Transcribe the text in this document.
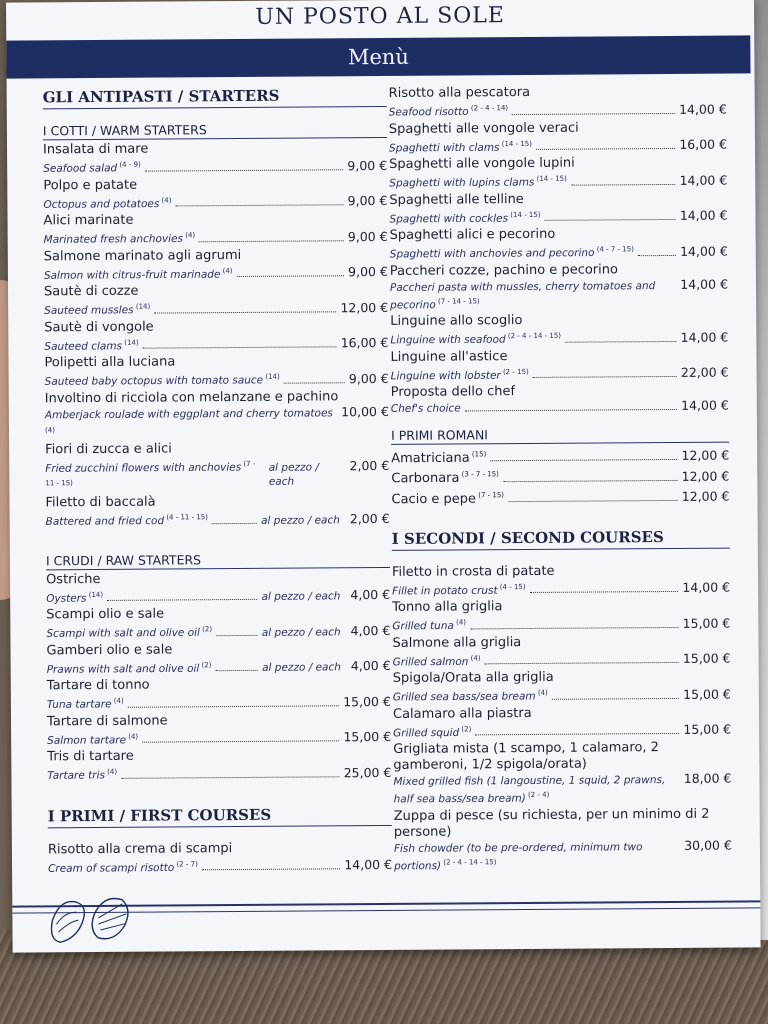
UN POSTO AL SOLE
Menù
GLI ANTIPASTI / STARTERS
I COTTI / WARM STARTERS
Insalata di mare
Seafood salad $^{(4 - 9)}$	9,00 €
Polpo e patate
Octopus and potatoes $^{(4)}$	9,00 €
Alici marinate
Marinated fresh anchovies $^{(4)}$	9,00 €
Salmone marinato agli agrumi
Salmon with citrus-fruit marinade $^{(4)}$	9,00 €
Sautè di cozze
Sauteed mussles $^{(14)}$	12,00 €
Sautè di vongole
Sauteed clams $^{(14)}$	16,00 €
Polipetti alla luciana
Sauteed baby octopus with tomato sauce $^{(14)}$	9,00 €
Involtino di ricciola con melanzane e pachino
Amberjack roulade with eggplant and cherry tomatoes $^{(4)}$
10,00 €
Fiori di zucca e alici
Fried zucchini flowers with anchovies $^{(7 - 11 - 15)}$
al pezzo / each
2,00 €
Filetto di baccalà
Battered and fried cod $^{(4 - 11 - 15)}$	al pezzo / each 2,00 €
I CRUDI / RAW STARTERS
Ostriche
Oysters $^{(14)}$	al pezzo / each 4,00 €
Scampi olio e sale
Scampi with salt and olive oil $^{(2)}$	al pezzo / each 4,00 €
Gamberi olio e sale
Prawns with salt and olive oil $^{(2)}$	al pezzo / each 4,00 €
Tartare di tonno
Tuna tartare $^{(4)}$	15,00 €
Tartare di salmone
Salmon tartare $^{(4)}$	15,00 €
Tris di tartare
Tartare tris $^{(4)}$	25,00 €
I PRIMI / FIRST COURSES
Risotto alla crema di scampi
Cream of scampi risotto $^{(2 - 7)}$	14,00 €
Risotto alla pescatora
Seafood risotto $^{(2 - 4 - 14)}$	14,00 €
Spaghetti alle vongole veraci
Spaghetti with clams $^{(14 - 15)}$	16,00 €
Spaghetti alle vongole lupini
Spaghetti with lupins clams $^{(14 - 15)}$	14,00 €
Spaghetti alle telline
Spaghetti with cockles $^{(14 - 15)}$	14,00 €
Spaghetti alici e pecorino
Spaghetti with anchovies and pecorino $^{(4 - 7 - 15)}$	14,00 €
Paccheri cozze, pachino e pecorino
Paccheri pasta with mussles, cherry tomatoes and pecorino $^{(7 - 14 - 15)}$
14,00 €
Linguine allo scoglio
Linguine with seafood $^{(2 - 4 - 14 - 15)}$	14,00 €
Linguine all'astice
Linguine with lobster $^{(2 - 15)}$	22,00 €
Proposta dello chef
Chef's choice	14,00 €
I PRIMI ROMANI
Amatriciana $^{(15)}$	12,00 €
Carbonara $^{(3 - 7 - 15)}$	12,00 €
Cacio e pepe $^{(7 - 15)}$	12,00 €
I SECONDI / SECOND COURSES
Filetto in crosta di patate
Fillet in potato crust $^{(4 - 15)}$	14,00 €
Tonno alla griglia
Grilled tuna $^{(4)}$	15,00 €
Salmone alla griglia
Grilled salmon $^{(4)}$	15,00 €
Spigola/Orata alla griglia
Grilled sea bass/sea bream $^{(4)}$	15,00 €
Calamaro alla piastra
Grilled squid $^{(2)}$	15,00 €
Grigliata mista (1 scampo, 1 calamaro, 2 gamberoni, 1/2 spigola/orata)
Mixed grilled fish (1 langoustine, 1 squid, 2 prawns, half sea bass/sea bream) $^{(2 - 4)}$
18,00 €
Zuppa di pesce (su richiesta, per un minimo di 2 persone)
Fish chowder (to be pre-ordered, minimum two portions) $^{(2 - 4 - 14 - 15)}$
30,00 €
